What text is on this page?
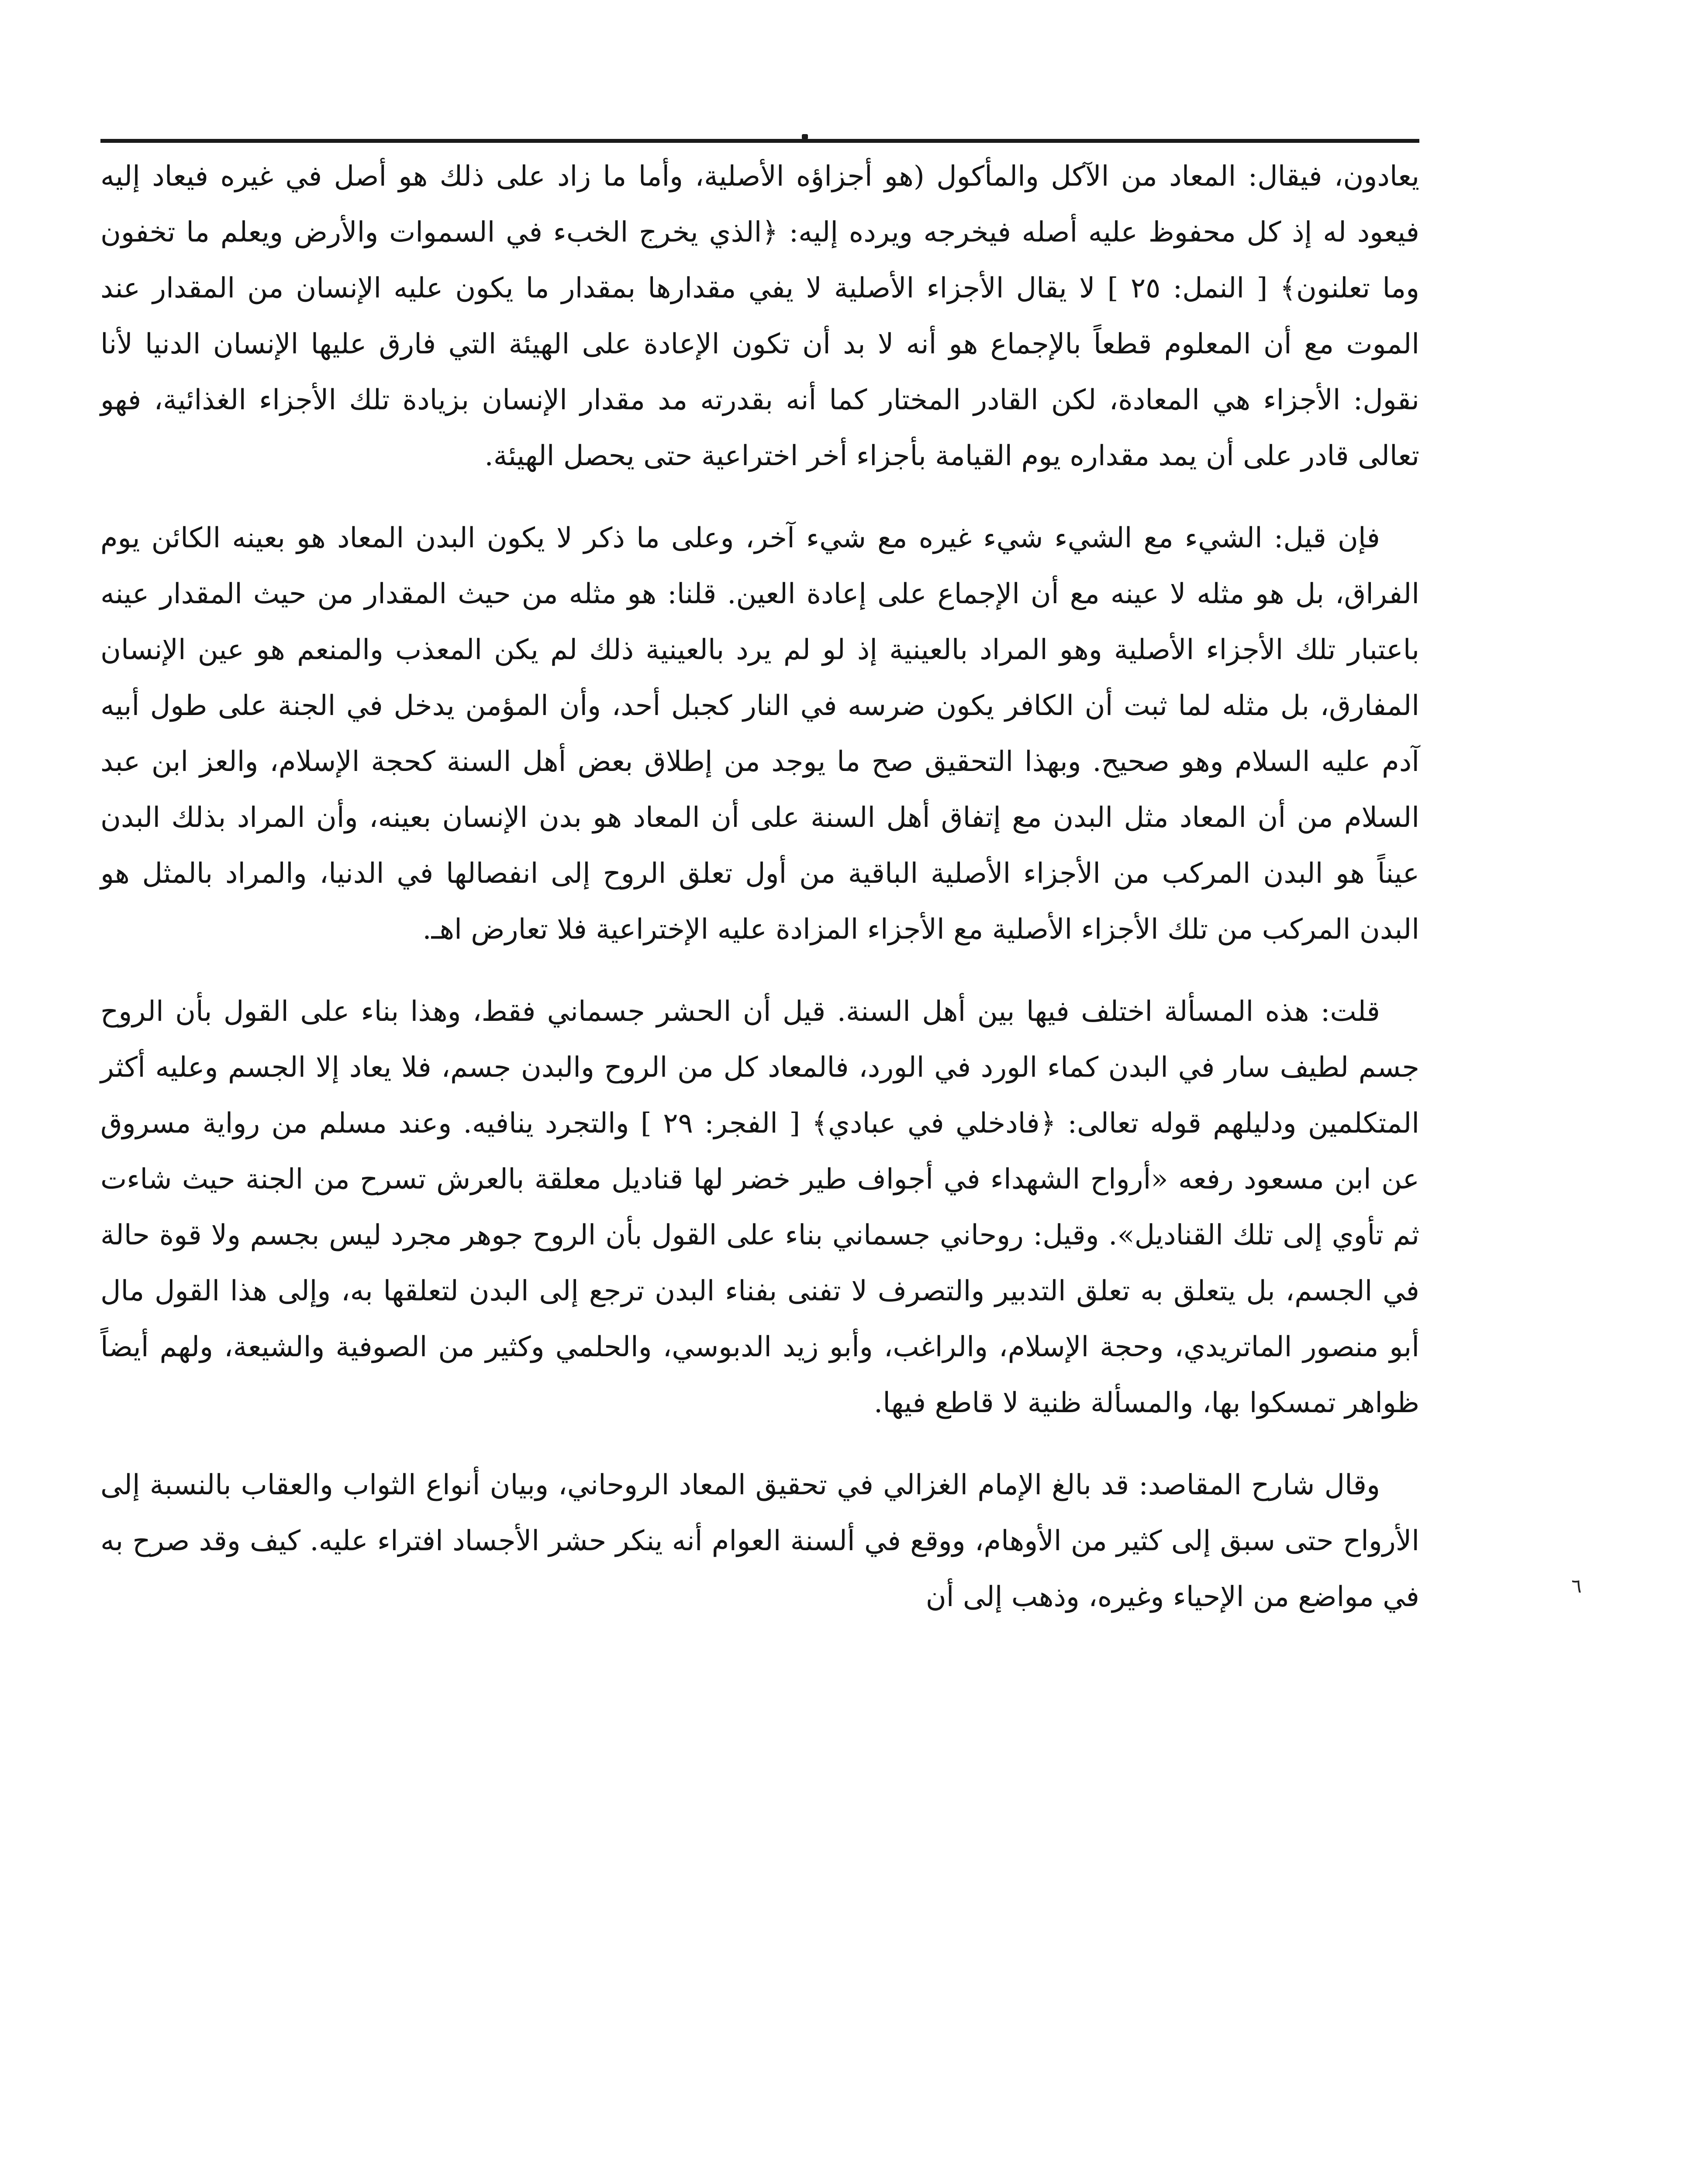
يعادون، فيقال: المعاد من الآكل والمأكول (هو أجزاؤه الأصلية، وأما ما زاد على ذلك هو أصل في غيره فيعاد إليه فيعود له إذ كل محفوظ عليه أصله فيخرجه ويرده إليه: ﴿الذي يخرج الخبء في السموات والأرض ويعلم ما تخفون وما تعلنون﴾ [ النمل: ٢٥ ] لا يقال الأجزاء الأصلية لا يفي مقدارها بمقدار ما يكون عليه الإنسان من المقدار عند الموت مع أن المعلوم قطعاً بالإجماع هو أنه لا بد أن تكون الإعادة على الهيئة التي فارق عليها الإنسان الدنيا لأنا نقول: الأجزاء هي المعادة، لكن القادر المختار كما أنه بقدرته مد مقدار الإنسان بزيادة تلك الأجزاء الغذائية، فهو تعالى قادر على أن يمد مقداره يوم القيامة بأجزاء أخر اختراعية حتى يحصل الهيئة.

فإن قيل: الشيء مع الشيء شيء غيره مع شيء آخر، وعلى ما ذكر لا يكون البدن المعاد هو بعينه الكائن يوم الفراق، بل هو مثله لا عينه مع أن الإجماع على إعادة العين. قلنا: هو مثله من حيث المقدار من حيث المقدار عينه باعتبار تلك الأجزاء الأصلية وهو المراد بالعينية إذ لو لم يرد بالعينية ذلك لم يكن المعذب والمنعم هو عين الإنسان المفارق، بل مثله لما ثبت أن الكافر يكون ضرسه في النار كجبل أحد، وأن المؤمن يدخل في الجنة على طول أبيه آدم عليه السلام وهو صحيح. وبهذا التحقيق صح ما يوجد من إطلاق بعض أهل السنة كحجة الإسلام، والعز ابن عبد السلام من أن المعاد مثل البدن مع إتفاق أهل السنة على أن المعاد هو بدن الإنسان بعينه، وأن المراد بذلك البدن عيناً هو البدن المركب من الأجزاء الأصلية الباقية من أول تعلق الروح إلى انفصالها في الدنيا، والمراد بالمثل هو البدن المركب من تلك الأجزاء الأصلية مع الأجزاء المزادة عليه الإختراعية فلا تعارض اهـ.

قلت: هذه المسألة اختلف فيها بين أهل السنة. قيل أن الحشر جسماني فقط، وهذا بناء على القول بأن الروح جسم لطيف سار في البدن كماء الورد في الورد، فالمعاد كل من الروح والبدن جسم، فلا يعاد إلا الجسم وعليه أكثر المتكلمين ودليلهم قوله تعالى: ﴿فادخلي في عبادي﴾ [ الفجر: ٢٩ ] والتجرد ينافيه. وعند مسلم من رواية مسروق عن ابن مسعود رفعه «أرواح الشهداء في أجواف طير خضر لها قناديل معلقة بالعرش تسرح من الجنة حيث شاءت ثم تأوي إلى تلك القناديل». وقيل: روحاني جسماني بناء على القول بأن الروح جوهر مجرد ليس بجسم ولا قوة حالة في الجسم، بل يتعلق به تعلق التدبير والتصرف لا تفنى بفناء البدن ترجع إلى البدن لتعلقها به، وإلى هذا القول مال أبو منصور الماتريدي، وحجة الإسلام، والراغب، وأبو زيد الدبوسي، والحلمي وكثير من الصوفية والشيعة، ولهم أيضاً ظواهر تمسكوا بها، والمسألة ظنية لا قاطع فيها.

وقال شارح المقاصد: قد بالغ الإمام الغزالي في تحقيق المعاد الروحاني، وبيان أنواع الثواب والعقاب بالنسبة إلى الأرواح حتى سبق إلى كثير من الأوهام، ووقع في ألسنة العوام أنه ينكر حشر الأجساد افتراء عليه. كيف وقد صرح به في مواضع من الإحياء وغيره، وذهب إلى أن	٦
